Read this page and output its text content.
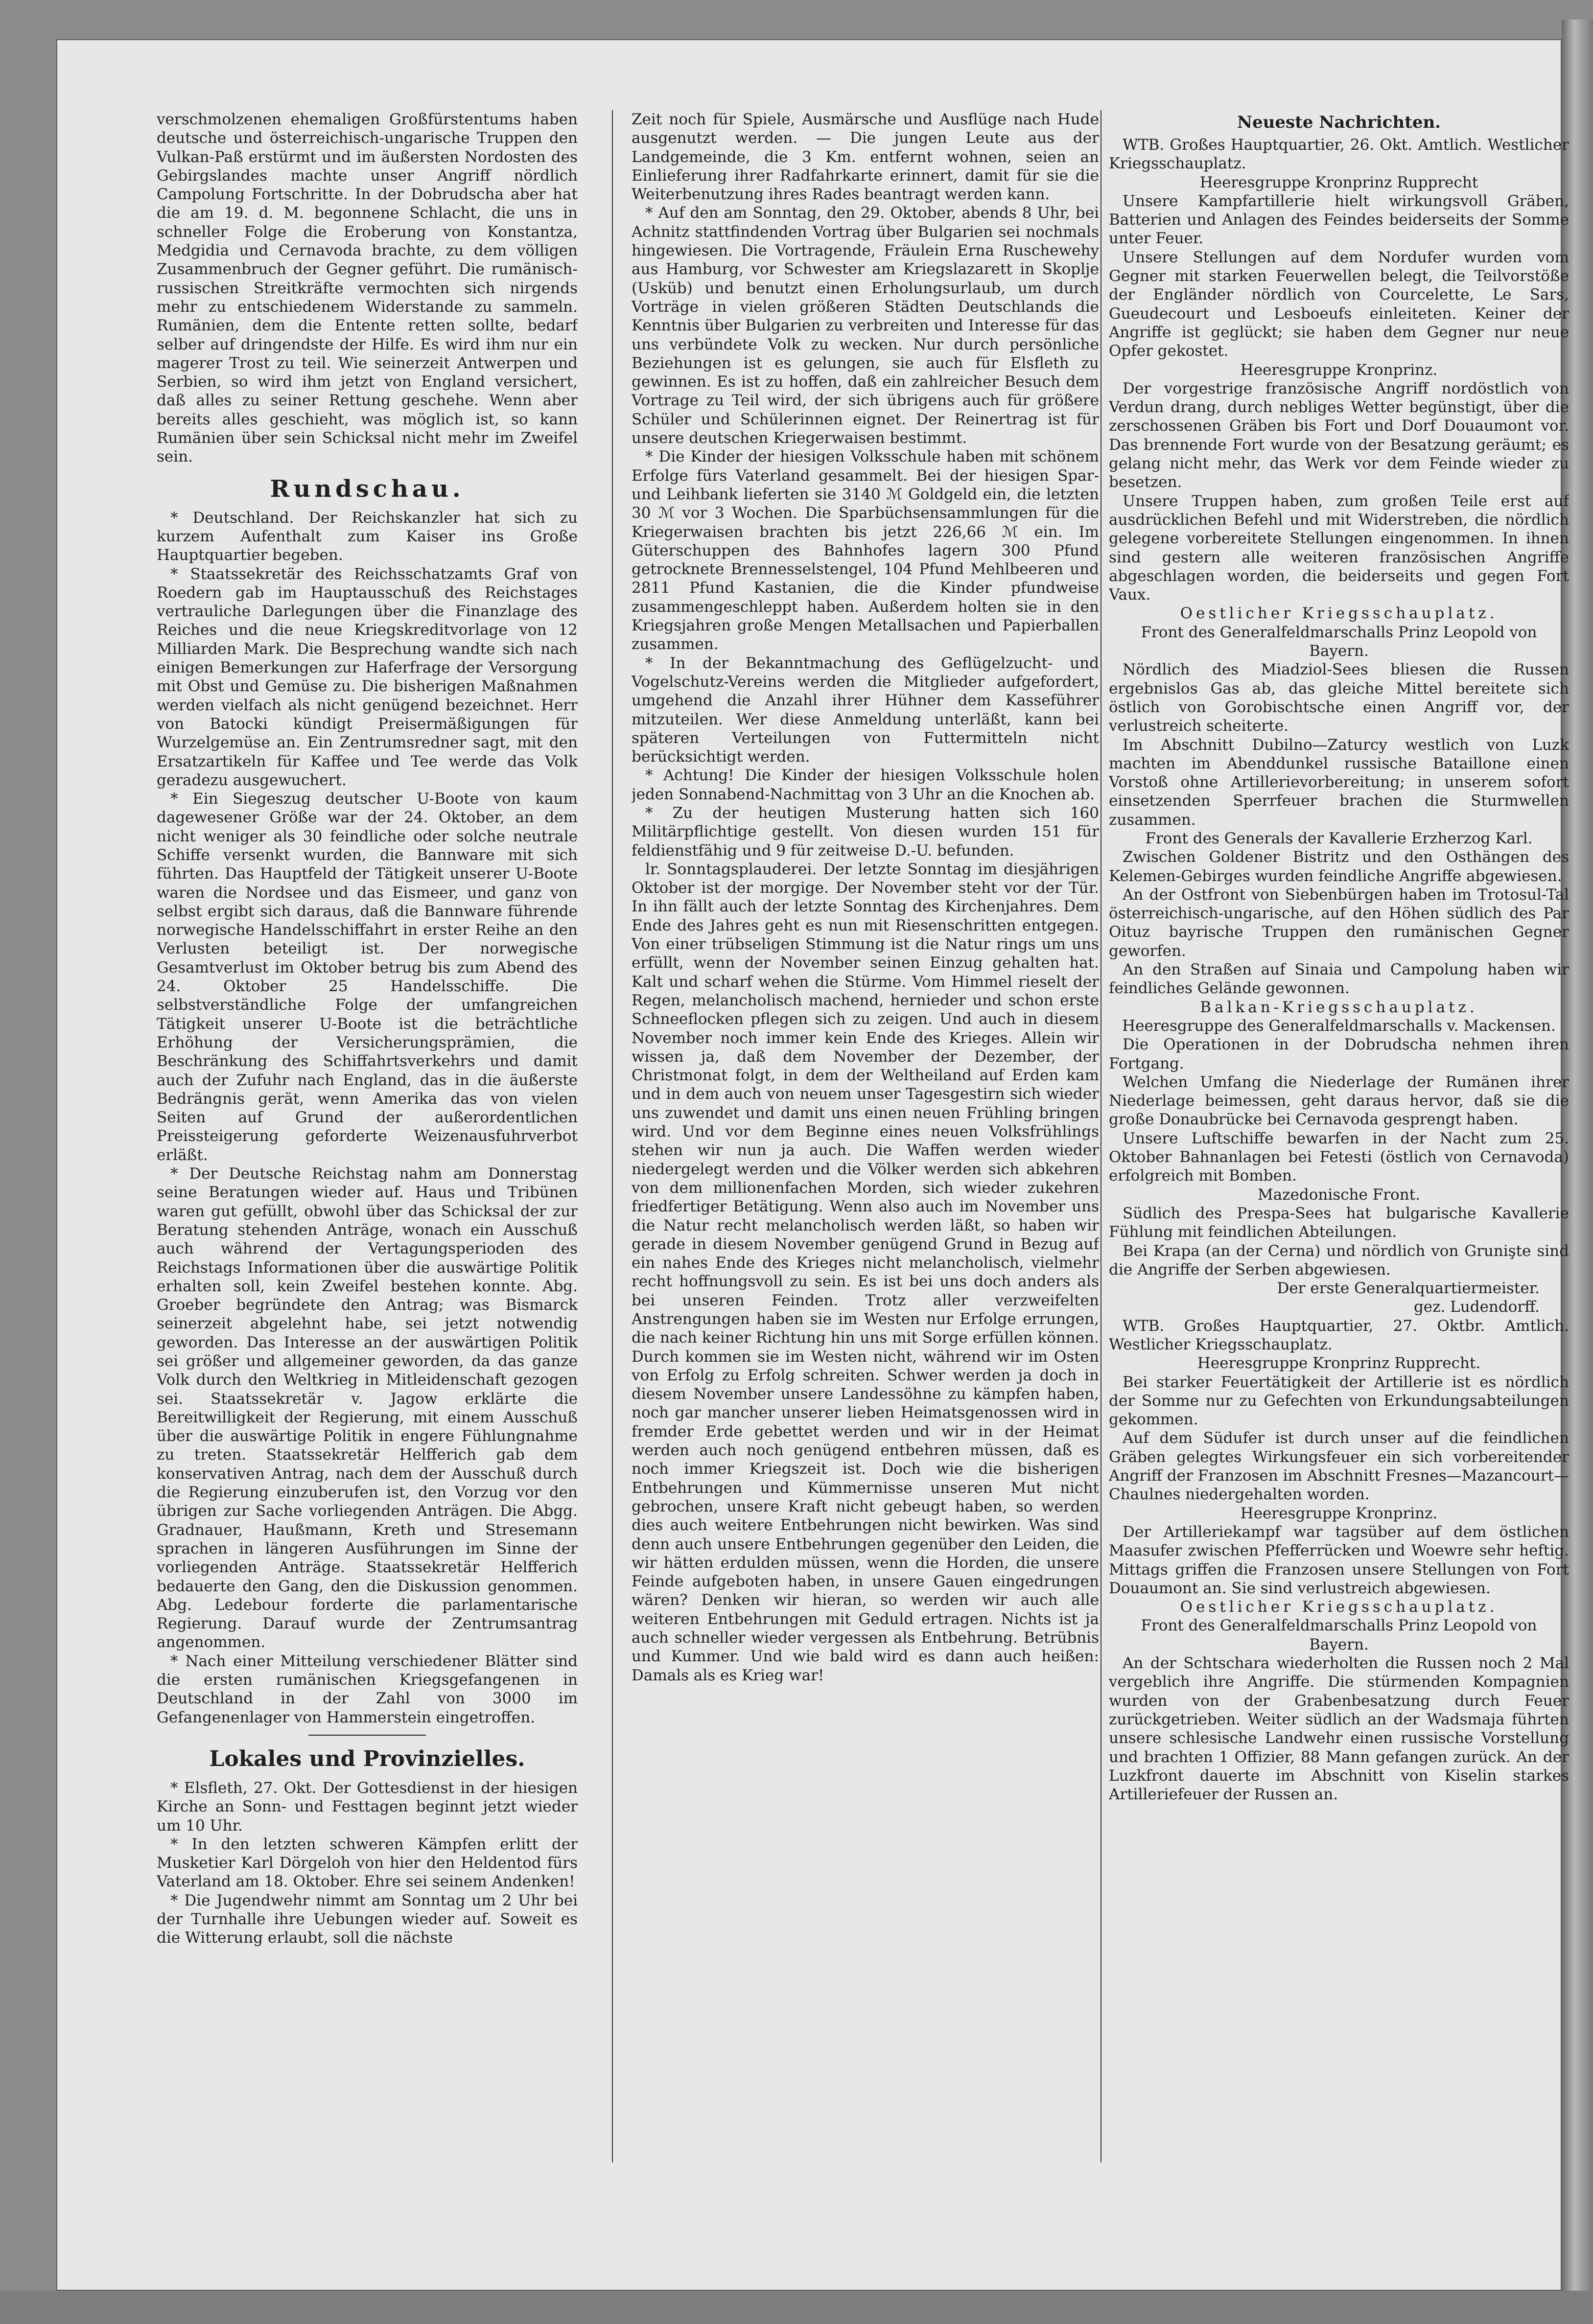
verschmolzenen ehemaligen Großfürstentums haben deutsche und österreichisch-ungarische Truppen den Vulkan-Paß erstürmt und im äußersten Nordosten des Gebirgslandes machte unser Angriff nördlich Campolung Fortschritte. In der Dobrudscha aber hat die am 19. d. M. begonnene Schlacht, die uns in schneller Folge die Eroberung von Konstantza, Medgidia und Cernavoda brachte, zu dem völligen Zusammenbruch der Gegner geführt. Die rumänisch-russischen Streitkräfte vermochten sich nirgends mehr zu entschiedenem Widerstande zu sammeln. Rumänien, dem die Entente retten sollte, bedarf selber auf dringendste der Hilfe. Es wird ihm nur ein magerer Trost zu teil. Wie seinerzeit Antwerpen und Serbien, so wird ihm jetzt von England versichert, daß alles zu seiner Rettung geschehe. Wenn aber bereits alles geschieht, was möglich ist, so kann Rumänien über sein Schicksal nicht mehr im Zweifel sein.

Rundschau.

* Deutschland. Der Reichskanzler hat sich zu kurzem Aufenthalt zum Kaiser ins Große Hauptquartier begeben.

* Staatssekretär des Reichsschatzamts Graf von Roedern gab im Hauptausschuß des Reichstages vertrauliche Darlegungen über die Finanzlage des Reiches und die neue Kriegskreditvorlage von 12 Milliarden Mark. Die Besprechung wandte sich nach einigen Bemerkungen zur Haferfrage der Versorgung mit Obst und Gemüse zu. Die bisherigen Maßnahmen werden vielfach als nicht genügend bezeichnet. Herr von Batocki kündigt Preisermäßigungen für Wurzelgemüse an. Ein Zentrumsredner sagt, mit den Ersatzartikeln für Kaffee und Tee werde das Volk geradezu ausgewuchert.

* Ein Siegeszug deutscher U-Boote von kaum dagewesener Größe war der 24. Oktober, an dem nicht weniger als 30 feindliche oder solche neutrale Schiffe versenkt wurden, die Bannware mit sich führten. Das Hauptfeld der Tätigkeit unserer U-Boote waren die Nordsee und das Eismeer, und ganz von selbst ergibt sich daraus, daß die Bannware führende norwegische Handelsschiffahrt in erster Reihe an den Verlusten beteiligt ist. Der norwegische Gesamtverlust im Oktober betrug bis zum Abend des 24. Oktober 25 Handelsschiffe. Die selbstverständliche Folge der umfangreichen Tätigkeit unserer U-Boote ist die beträchtliche Erhöhung der Versicherungsprämien, die Beschränkung des Schiffahrtsverkehrs und damit auch der Zufuhr nach England, das in die äußerste Bedrängnis gerät, wenn Amerika das von vielen Seiten auf Grund der außerordentlichen Preissteigerung geforderte Weizenausfuhrverbot erläßt.

* Der Deutsche Reichstag nahm am Donnerstag seine Beratungen wieder auf. Haus und Tribünen waren gut gefüllt, obwohl über das Schicksal der zur Beratung stehenden Anträge, wonach ein Ausschuß auch während der Vertagungsperioden des Reichstags Informationen über die auswärtige Politik erhalten soll, kein Zweifel bestehen konnte. Abg. Groeber begründete den Antrag; was Bismarck seinerzeit abgelehnt habe, sei jetzt notwendig geworden. Das Interesse an der auswärtigen Politik sei größer und allgemeiner geworden, da das ganze Volk durch den Weltkrieg in Mitleidenschaft gezogen sei. Staatssekretär v. Jagow erklärte die Bereitwilligkeit der Regierung, mit einem Ausschuß über die auswärtige Politik in engere Fühlungnahme zu treten. Staatssekretär Helfferich gab dem konservativen Antrag, nach dem der Ausschuß durch die Regierung einzuberufen ist, den Vorzug vor den übrigen zur Sache vorliegenden Anträgen. Die Abgg. Gradnauer, Haußmann, Kreth und Stresemann sprachen in längeren Ausführungen im Sinne der vorliegenden Anträge. Staatssekretär Helfferich bedauerte den Gang, den die Diskussion genommen. Abg. Ledebour forderte die parlamentarische Regierung. Darauf wurde der Zentrumsantrag angenommen.

* Nach einer Mitteilung verschiedener Blätter sind die ersten rumänischen Kriegsgefangenen in Deutschland in der Zahl von 3000 im Gefangenenlager von Hammerstein eingetroffen.

Lokales und Provinzielles.

* Elsfleth, 27. Okt. Der Gottesdienst in der hiesigen Kirche an Sonn- und Festtagen beginnt jetzt wieder um 10 Uhr.

* In den letzten schweren Kämpfen erlitt der Musketier Karl Dörgeloh von hier den Heldentod fürs Vaterland am 18. Oktober. Ehre sei seinem Andenken!

* Die Jugendwehr nimmt am Sonntag um 2 Uhr bei der Turnhalle ihre Uebungen wieder auf. Soweit es die Witterung erlaubt, soll die nächste

Zeit noch für Spiele, Ausmärsche und Ausflüge nach Hude ausgenutzt werden. — Die jungen Leute aus der Landgemeinde, die 3 Km. entfernt wohnen, seien an Einlieferung ihrer Radfahrkarte erinnert, damit für sie die Weiterbenutzung ihres Rades beantragt werden kann.

* Auf den am Sonntag, den 29. Oktober, abends 8 Uhr, bei Achnitz stattfindenden Vortrag über Bulgarien sei nochmals hingewiesen. Die Vortragende, Fräulein Erna Ruschewehy aus Hamburg, vor Schwester am Kriegslazarett in Skoplje (Usküb) und benutzt einen Erholungsurlaub, um durch Vorträge in vielen größeren Städten Deutschlands die Kenntnis über Bulgarien zu verbreiten und Interesse für das uns verbündete Volk zu wecken. Nur durch persönliche Beziehungen ist es gelungen, sie auch für Elsfleth zu gewinnen. Es ist zu hoffen, daß ein zahlreicher Besuch dem Vortrage zu Teil wird, der sich übrigens auch für größere Schüler und Schülerinnen eignet. Der Reinertrag ist für unsere deutschen Kriegerwaisen bestimmt.

* Die Kinder der hiesigen Volksschule haben mit schönem Erfolge fürs Vaterland gesammelt. Bei der hiesigen Spar- und Leihbank lieferten sie 3140 ℳ Goldgeld ein, die letzten 30 ℳ vor 3 Wochen. Die Sparbüchsensammlungen für die Kriegerwaisen brachten bis jetzt 226,66 ℳ ein. Im Güterschuppen des Bahnhofes lagern 300 Pfund getrocknete Brennesselstengel, 104 Pfund Mehlbeeren und 2811 Pfund Kastanien, die die Kinder pfundweise zusammengeschleppt haben. Außerdem holten sie in den Kriegsjahren große Mengen Metallsachen und Papierballen zusammen.

* In der Bekanntmachung des Geflügelzucht- und Vogelschutz-Vereins werden die Mitglieder aufgefordert, umgehend die Anzahl ihrer Hühner dem Kasseführer mitzuteilen. Wer diese Anmeldung unterläßt, kann bei späteren Verteilungen von Futtermitteln nicht berücksichtigt werden.

* Achtung! Die Kinder der hiesigen Volksschule holen jeden Sonnabend-Nachmittag von 3 Uhr an die Knochen ab.

* Zu der heutigen Musterung hatten sich 160 Militärpflichtige gestellt. Von diesen wurden 151 für feldienstfähig und 9 für zeitweise D.-U. befunden.

lr. Sonntagsplauderei. Der letzte Sonntag im diesjährigen Oktober ist der morgige. Der November steht vor der Tür. In ihn fällt auch der letzte Sonntag des Kirchenjahres. Dem Ende des Jahres geht es nun mit Riesenschritten entgegen. Von einer trübseligen Stimmung ist die Natur rings um uns erfüllt, wenn der November seinen Einzug gehalten hat. Kalt und scharf wehen die Stürme. Vom Himmel rieselt der Regen, melancholisch machend, hernieder und schon erste Schneeflocken pflegen sich zu zeigen. Und auch in diesem November noch immer kein Ende des Krieges. Allein wir wissen ja, daß dem November der Dezember, der Christmonat folgt, in dem der Weltheiland auf Erden kam und in dem auch von neuem unser Tagesgestirn sich wieder uns zuwendet und damit uns einen neuen Frühling bringen wird. Und vor dem Beginne eines neuen Volksfrühlings stehen wir nun ja auch. Die Waffen werden wieder niedergelegt werden und die Völker werden sich abkehren von dem millionenfachen Morden, sich wieder zukehren friedfertiger Betätigung. Wenn also auch im November uns die Natur recht melancholisch werden läßt, so haben wir gerade in diesem November genügend Grund in Bezug auf ein nahes Ende des Krieges nicht melancholisch, vielmehr recht hoffnungsvoll zu sein. Es ist bei uns doch anders als bei unseren Feinden. Trotz aller verzweifelten Anstrengungen haben sie im Westen nur Erfolge errungen, die nach keiner Richtung hin uns mit Sorge erfüllen können. Durch kommen sie im Westen nicht, während wir im Osten von Erfolg zu Erfolg schreiten. Schwer werden ja doch in diesem November unsere Landessöhne zu kämpfen haben, noch gar mancher unserer lieben Heimatsgenossen wird in fremder Erde gebettet werden und wir in der Heimat werden auch noch genügend entbehren müssen, daß es noch immer Kriegszeit ist. Doch wie die bisherigen Entbehrungen und Kümmernisse unseren Mut nicht gebrochen, unsere Kraft nicht gebeugt haben, so werden dies auch weitere Entbehrungen nicht bewirken. Was sind denn auch unsere Entbehrungen gegenüber den Leiden, die wir hätten erdulden müssen, wenn die Horden, die unsere Feinde aufgeboten haben, in unsere Gauen eingedrungen wären? Denken wir hieran, so werden wir auch alle weiteren Entbehrungen mit Geduld ertragen. Nichts ist ja auch schneller wieder vergessen als Entbehrung. Betrübnis und Kummer. Und wie bald wird es dann auch heißen: Damals als es Krieg war!

Neueste Nachrichten.

WTB. Großes Hauptquartier, 26. Okt. Amtlich. Westlicher Kriegsschauplatz.

Heeresgruppe Kronprinz Rupprecht

Unsere Kampfartillerie hielt wirkungsvoll Gräben, Batterien und Anlagen des Feindes beiderseits der Somme unter Feuer.

Unsere Stellungen auf dem Nordufer wurden vom Gegner mit starken Feuerwellen belegt, die Teilvorstöße der Engländer nördlich von Courcelette, Le Sars, Gueudecourt und Lesboeufs einleiteten. Keiner der Angriffe ist geglückt; sie haben dem Gegner nur neue Opfer gekostet.

Heeresgruppe Kronprinz.

Der vorgestrige französische Angriff nordöstlich von Verdun drang, durch nebliges Wetter begünstigt, über die zerschossenen Gräben bis Fort und Dorf Douaumont vor. Das brennende Fort wurde von der Besatzung geräumt; es gelang nicht mehr, das Werk vor dem Feinde wieder zu besetzen.

Unsere Truppen haben, zum großen Teile erst auf ausdrücklichen Befehl und mit Widerstreben, die nördlich gelegene vorbereitete Stellungen eingenommen. In ihnen sind gestern alle weiteren französischen Angriffe abgeschlagen worden, die beiderseits und gegen Fort Vaux.

Oestlicher Kriegsschauplatz.
Front des Generalfeldmarschalls Prinz Leopold von Bayern.

Nördlich des Miadziol-Sees bliesen die Russen ergebnislos Gas ab, das gleiche Mittel bereitete sich östlich von Gorobischtsche einen Angriff vor, der verlustreich scheiterte.

Im Abschnitt Dubilno—Zaturcy westlich von Luzk machten im Abenddunkel russische Bataillone einen Vorstoß ohne Artillerievorbereitung; in unserem sofort einsetzenden Sperrfeuer brachen die Sturmwellen zusammen.

Front des Generals der Kavallerie Erzherzog Karl.

Zwischen Goldener Bistritz und den Osthängen des Kelemen-Gebirges wurden feindliche Angriffe abgewiesen.

An der Ostfront von Siebenbürgen haben im Trotosul-Tal österreichisch-ungarische, auf den Höhen südlich des Par Oituz bayrische Truppen den rumänischen Gegner geworfen.

An den Straßen auf Sinaia und Campolung haben wir feindliches Gelände gewonnen.

Balkan-Kriegsschauplatz.
Heeresgruppe des Generalfeldmarschalls v. Mackensen.

Die Operationen in der Dobrudscha nehmen ihren Fortgang.

Welchen Umfang die Niederlage der Rumänen ihrer Niederlage beimessen, geht daraus hervor, daß sie die große Donaubrücke bei Cernavoda gesprengt haben.

Unsere Luftschiffe bewarfen in der Nacht zum 25. Oktober Bahnanlagen bei Fetesti (östlich von Cernavoda) erfolgreich mit Bomben.

Mazedonische Front.

Südlich des Prespa-Sees hat bulgarische Kavallerie Fühlung mit feindlichen Abteilungen.

Bei Krapa (an der Cerna) und nördlich von Grunişte sind die Angriffe der Serben abgewiesen.

Der erste Generalquartiermeister.
gez. Ludendorff.

WTB. Großes Hauptquartier, 27. Oktbr. Amtlich. Westlicher Kriegsschauplatz.

Heeresgruppe Kronprinz Rupprecht.

Bei starker Feuertätigkeit der Artillerie ist es nördlich der Somme nur zu Gefechten von Erkundungsabteilungen gekommen.

Auf dem Südufer ist durch unser auf die feindlichen Gräben gelegtes Wirkungsfeuer ein sich vorbereitender Angriff der Franzosen im Abschnitt Fresnes—Mazancourt—Chaulnes niedergehalten worden.

Heeresgruppe Kronprinz.

Der Artilleriekampf war tagsüber auf dem östlichen Maasufer zwischen Pfefferrücken und Woewre sehr heftig. Mittags griffen die Franzosen unsere Stellungen von Fort Douaumont an. Sie sind verlustreich abgewiesen.

Oestlicher Kriegsschauplatz.
Front des Generalfeldmarschalls Prinz Leopold von Bayern.

An der Schtschara wiederholten die Russen noch 2 Mal vergeblich ihre Angriffe. Die stürmenden Kompagnien wurden von der Grabenbesatzung durch Feuer zurückgetrieben. Weiter südlich an der Wadsmaja führten unsere schlesische Landwehr einen russische Vorstellung und brachten 1 Offizier, 88 Mann gefangen zurück. An der Luzkfront dauerte im Abschnitt von Kiselin starkes Artilleriefeuer der Russen an.
